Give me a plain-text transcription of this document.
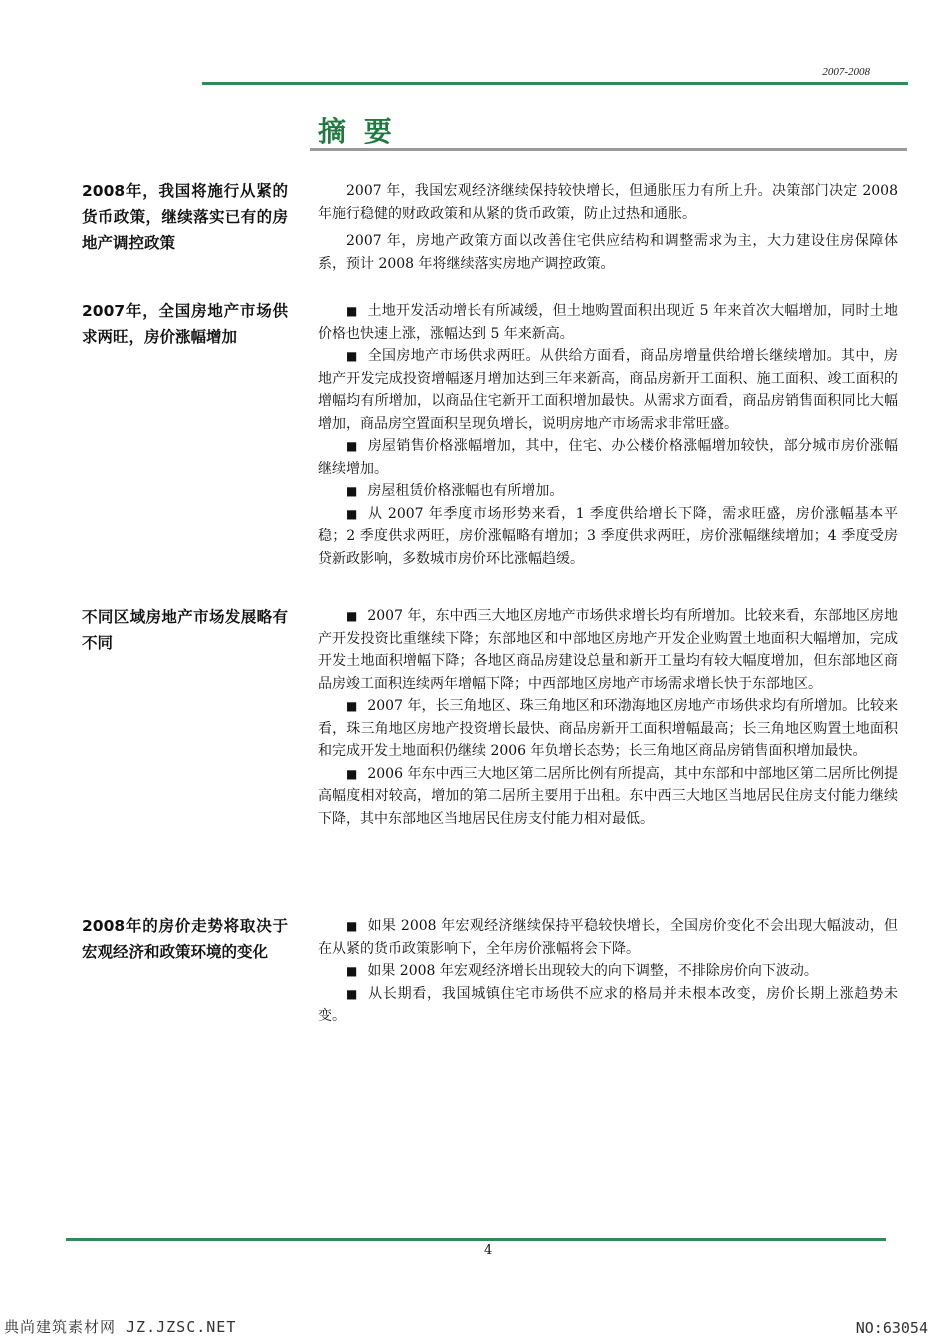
2007-2008
摘 要
2008年，我国将施行从紧的货币政策，继续落实已有的房地产调控政策

2007 年，我国宏观经济继续保持较快增长，但通胀压力有所上升。决策部门决定 2008 年施行稳健的财政政策和从紧的货币政策，防止过热和通胀。

2007 年，房地产政策方面以改善住宅供应结构和调整需求为主，大力建设住房保障体系，预计 2008 年将继续落实房地产调控政策。

2007年，全国房地产市场供求两旺，房价涨幅增加

■ 土地开发活动增长有所减缓，但土地购置面积出现近 5 年来首次大幅增加，同时土地价格也快速上涨，涨幅达到 5 年来新高。

■ 全国房地产市场供求两旺。从供给方面看，商品房增量供给增长继续增加。其中，房地产开发完成投资增幅逐月增加达到三年来新高，商品房新开工面积、施工面积、竣工面积的增幅均有所增加，以商品住宅新开工面积增加最快。从需求方面看，商品房销售面积同比大幅增加，商品房空置面积呈现负增长，说明房地产市场需求非常旺盛。

■ 房屋销售价格涨幅增加，其中，住宅、办公楼价格涨幅增加较快，部分城市房价涨幅继续增加。

■ 房屋租赁价格涨幅也有所增加。

■ 从 2007 年季度市场形势来看，1 季度供给增长下降，需求旺盛，房价涨幅基本平稳；2 季度供求两旺，房价涨幅略有增加；3 季度供求两旺，房价涨幅继续增加；4 季度受房贷新政影响，多数城市房价环比涨幅趋缓。

不同区域房地产市场发展略有不同

■ 2007 年，东中西三大地区房地产市场供求增长均有所增加。比较来看，东部地区房地产开发投资比重继续下降；东部地区和中部地区房地产开发企业购置土地面积大幅增加，完成开发土地面积增幅下降；各地区商品房建设总量和新开工量均有较大幅度增加，但东部地区商品房竣工面积连续两年增幅下降；中西部地区房地产市场需求增长快于东部地区。

■ 2007 年，长三角地区、珠三角地区和环渤海地区房地产市场供求均有所增加。比较来看，珠三角地区房地产投资增长最快、商品房新开工面积增幅最高；长三角地区购置土地面积和完成开发土地面积仍继续 2006 年负增长态势；长三角地区商品房销售面积增加最快。

■ 2006 年东中西三大地区第二居所比例有所提高，其中东部和中部地区第二居所比例提高幅度相对较高，增加的第二居所主要用于出租。东中西三大地区当地居民住房支付能力继续下降，其中东部地区当地居民住房支付能力相对最低。

2008年的房价走势将取决于宏观经济和政策环境的变化

■ 如果 2008 年宏观经济继续保持平稳较快增长，全国房价变化不会出现大幅波动，但在从紧的货币政策影响下，全年房价涨幅将会下降。

■ 如果 2008 年宏观经济增长出现较大的向下调整，不排除房价向下波动。

■ 从长期看，我国城镇住宅市场供不应求的格局并未根本改变，房价长期上涨趋势未变。

4
典尚建筑素材网 JZ.JZSC.NET	NO:63054
